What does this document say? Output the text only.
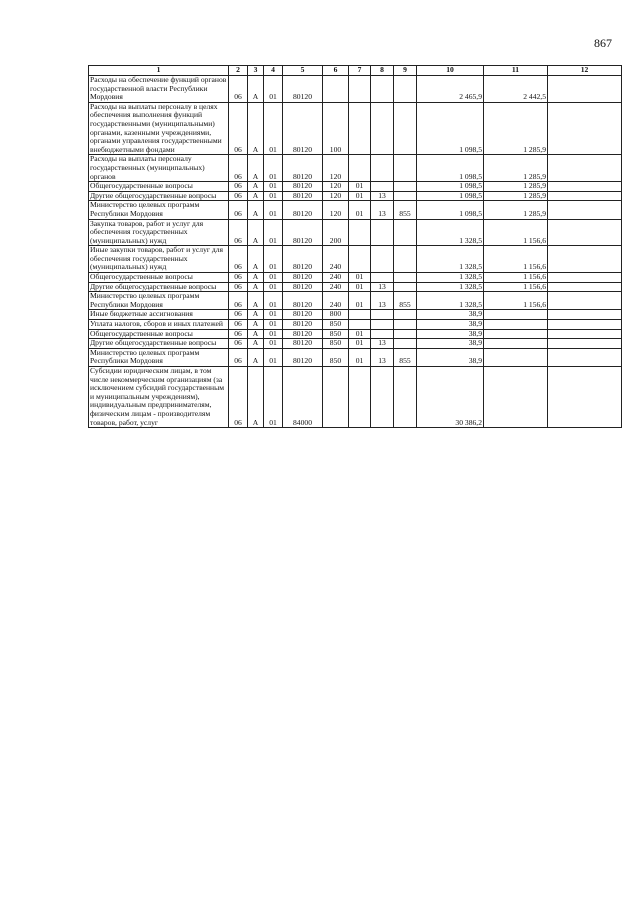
867
1	2	3	4	5	6	7	8	9	10	11	12
Расходы на обеспечение функций органов государственной власти Республики Мордовия	06	A	01	80120					2 465,9	2 442,5	
Расходы на выплаты персоналу в целях обеспечения выполнения функций государственными (муниципальными) органами, казенными учреждениями, органами управления государственными внебюджетными фондами	06	A	01	80120	100				1 098,5	1 285,9	
Расходы на выплаты персоналу государственных (муниципальных) органов	06	A	01	80120	120				1 098,5	1 285,9	
Общегосударственные вопросы	06	A	01	80120	120	01			1 098,5	1 285,9	
Другие общегосударственные вопросы	06	A	01	80120	120	01	13		1 098,5	1 285,9	
Министерство целевых программ Республики Мордовия	06	A	01	80120	120	01	13	855	1 098,5	1 285,9	
Закупка товаров, работ и услуг для обеспечения государственных (муниципальных) нужд	06	A	01	80120	200				1 328,5	1 156,6	
Иные закупки товаров, работ и услуг для обеспечения государственных (муниципальных) нужд	06	A	01	80120	240				1 328,5	1 156,6	
Общегосударственные вопросы	06	A	01	80120	240	01			1 328,5	1 156,6	
Другие общегосударственные вопросы	06	A	01	80120	240	01	13		1 328,5	1 156,6	
Министерство целевых программ Республики Мордовия	06	A	01	80120	240	01	13	855	1 328,5	1 156,6	
Иные бюджетные ассигнования	06	A	01	80120	800				38,9		
Уплата налогов, сборов и иных платежей	06	A	01	80120	850				38,9		
Общегосударственные вопросы	06	A	01	80120	850	01			38,9		
Другие общегосударственные вопросы	06	A	01	80120	850	01	13		38,9		
Министерство целевых программ Республики Мордовия	06	A	01	80120	850	01	13	855	38,9		
Субсидии юридическим лицам, в том числе некоммерческим организациям (за исключением субсидий государственным и муниципальным учреждениям), индивидуальным предпринимателям, физическим лицам - производителям товаров, работ, услуг	06	A	01	84000					30 386,2		
